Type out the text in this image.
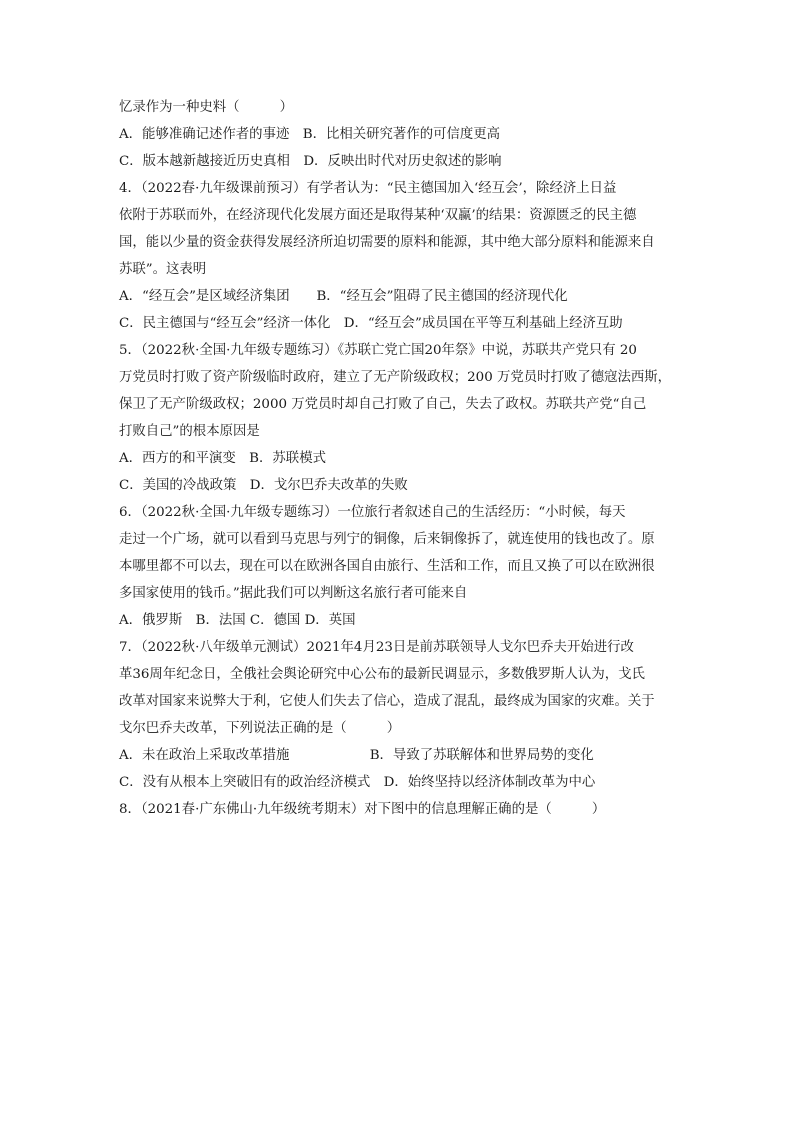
忆录作为一种史料（　　　）
A．能够准确记述作者的事迹　B．比相关研究著作的可信度更高
C．版本越新越接近历史真相　D．反映出时代对历史叙述的影响
4．（2022春·九年级课前预习）有学者认为：“民主德国加入‘经互会’，除经济上日益
依附于苏联而外，在经济现代化发展方面还是取得某种‘双赢’的结果：资源匮乏的民主德
国，能以少量的资金获得发展经济所迫切需要的原料和能源，其中绝大部分原料和能源来自
苏联”。这表明
A．“经互会”是区域经济集团　　B．“经互会”阻碍了民主德国的经济现代化
C．民主德国与“经互会”经济一体化　D．“经互会”成员国在平等互利基础上经济互助
5．（2022秋·全国·九年级专题练习）《苏联亡党亡国20年祭》中说，苏联共产党只有 20
万党员时打败了资产阶级临时政府，建立了无产阶级政权；200 万党员时打败了德寇法西斯，
保卫了无产阶级政权；2000 万党员时却自己打败了自己，失去了政权。苏联共产党“自己
打败自己”的根本原因是
A．西方的和平演变　B．苏联模式
C．美国的冷战政策　D．戈尔巴乔夫改革的失败
6．（2022秋·全国·九年级专题练习）一位旅行者叙述自己的生活经历：“小时候，每天
走过一个广场，就可以看到马克思与列宁的铜像，后来铜像拆了，就连使用的钱也改了。原
本哪里都不可以去，现在可以在欧洲各国自由旅行、生活和工作，而且又换了可以在欧洲很
多国家使用的钱币。”据此我们可以判断这名旅行者可能来自
A．俄罗斯　B．法国 C．德国 D．英国
7．（2022秋·八年级单元测试）2021年4月23日是前苏联领导人戈尔巴乔夫开始进行改
革36周年纪念日，全俄社会舆论研究中心公布的最新民调显示，多数俄罗斯人认为，戈氏
改革对国家来说弊大于利，它使人们失去了信心，造成了混乱，最终成为国家的灾难。关于
戈尔巴乔夫改革，下列说法正确的是（　　　）
A．未在政治上采取改革措施　　　　　　B．导致了苏联解体和世界局势的变化
C．没有从根本上突破旧有的政治经济模式　D．始终坚持以经济体制改革为中心
8．（2021春·广东佛山·九年级统考期末）对下图中的信息理解正确的是（　　　）
